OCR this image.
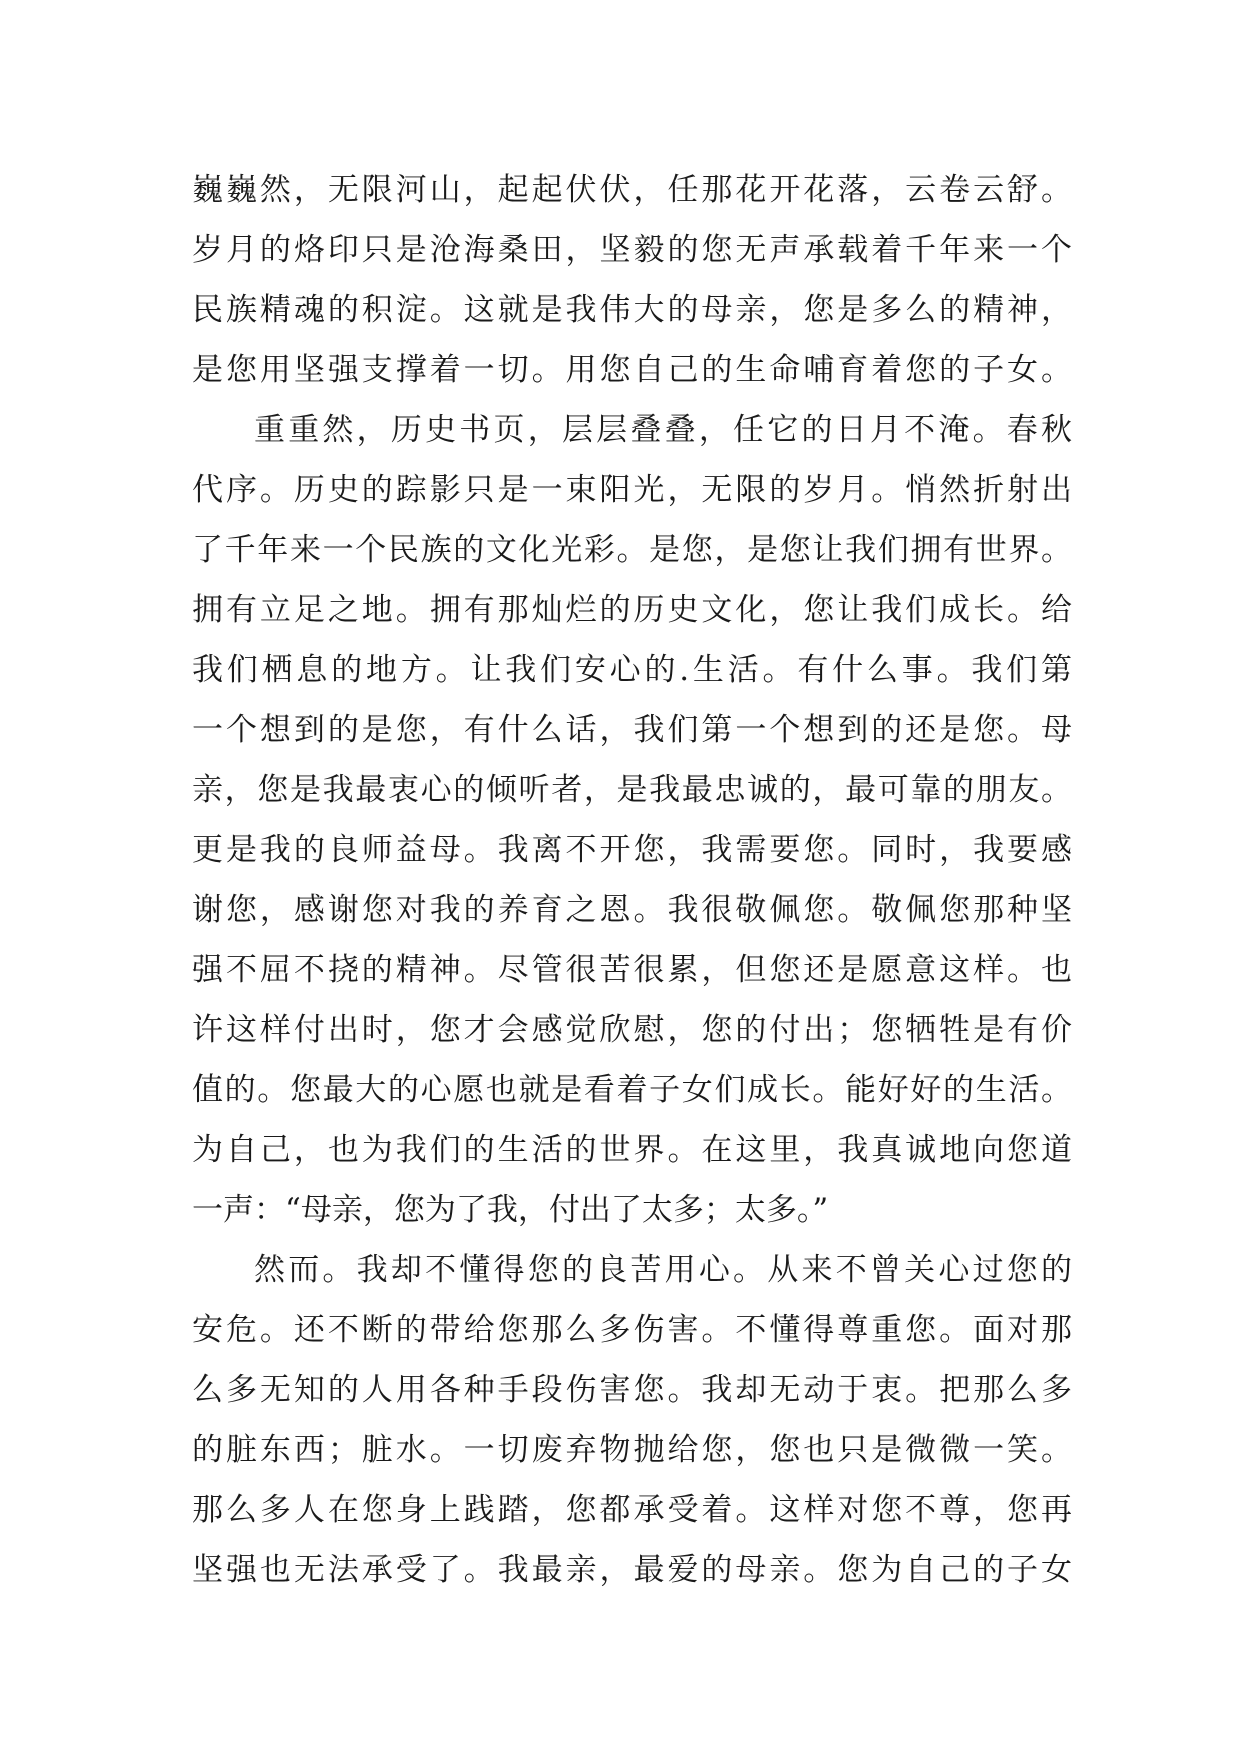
巍巍然，无限河山，起起伏伏，任那花开花落，云卷云舒。
岁月的烙印只是沧海桑田，坚毅的您无声承载着千年来一个
民族精魂的积淀。这就是我伟大的母亲，您是多么的精神，
是您用坚强支撑着一切。用您自己的生命哺育着您的子女。
重重然，历史书页，层层叠叠，任它的日月不淹。春秋
代序。历史的踪影只是一束阳光，无限的岁月。悄然折射出
了千年来一个民族的文化光彩。是您，是您让我们拥有世界。
拥有立足之地。拥有那灿烂的历史文化，您让我们成长。给
我们栖息的地方。让我们安心的.生活。有什么事。我们第
一个想到的是您，有什么话，我们第一个想到的还是您。母
亲，您是我最衷心的倾听者，是我最忠诚的，最可靠的朋友。
更是我的良师益母。我离不开您，我需要您。同时，我要感
谢您，感谢您对我的养育之恩。我很敬佩您。敬佩您那种坚
强不屈不挠的精神。尽管很苦很累，但您还是愿意这样。也
许这样付出时，您才会感觉欣慰，您的付出；您牺牲是有价
值的。您最大的心愿也就是看着子女们成长。能好好的生活。
为自己，也为我们的生活的世界。在这里，我真诚地向您道
一声：“母亲，您为了我，付出了太多；太多。”
然而。我却不懂得您的良苦用心。从来不曾关心过您的
安危。还不断的带给您那么多伤害。不懂得尊重您。面对那
么多无知的人用各种手段伤害您。我却无动于衷。把那么多
的脏东西；脏水。一切废弃物抛给您，您也只是微微一笑。
那么多人在您身上践踏，您都承受着。这样对您不尊，您再
坚强也无法承受了。我最亲，最爱的母亲。您为自己的子女
